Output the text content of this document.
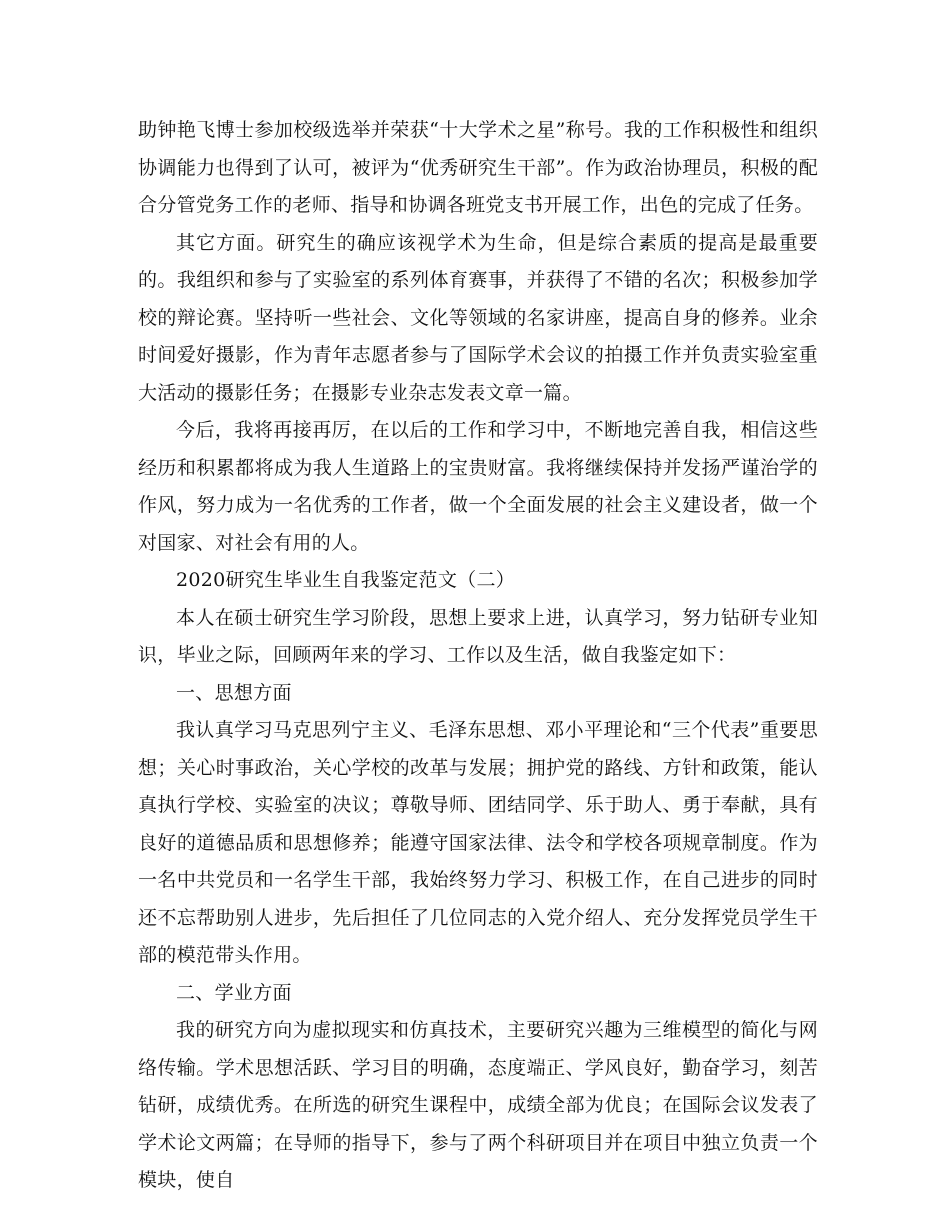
助钟艳飞博士参加校级选举并荣获“十大学术之星”称号。我的工作积极性和组织协调能力也得到了认可，被评为“优秀研究生干部”。作为政治协理员，积极的配合分管党务工作的老师、指导和协调各班党支书开展工作，出色的完成了任务。

其它方面。研究生的确应该视学术为生命，但是综合素质的提高是最重要的。我组织和参与了实验室的系列体育赛事，并获得了不错的名次；积极参加学校的辩论赛。坚持听一些社会、文化等领域的名家讲座，提高自身的修养。业余时间爱好摄影，作为青年志愿者参与了国际学术会议的拍摄工作并负责实验室重大活动的摄影任务；在摄影专业杂志发表文章一篇。

今后，我将再接再厉，在以后的工作和学习中，不断地完善自我，相信这些经历和积累都将成为我人生道路上的宝贵财富。我将继续保持并发扬严谨治学的作风，努力成为一名优秀的工作者，做一个全面发展的社会主义建设者，做一个对国家、对社会有用的人。

2020研究生毕业生自我鉴定范文（二）

本人在硕士研究生学习阶段，思想上要求上进，认真学习，努力钻研专业知识，毕业之际，回顾两年来的学习、工作以及生活，做自我鉴定如下：

一、思想方面

我认真学习马克思列宁主义、毛泽东思想、邓小平理论和“三个代表”重要思想；关心时事政治，关心学校的改革与发展；拥护党的路线、方针和政策，能认真执行学校、实验室的决议；尊敬导师、团结同学、乐于助人、勇于奉献，具有良好的道德品质和思想修养；能遵守国家法律、法令和学校各项规章制度。作为一名中共党员和一名学生干部，我始终努力学习、积极工作，在自己进步的同时还不忘帮助别人进步，先后担任了几位同志的入党介绍人、充分发挥党员学生干部的模范带头作用。

二、学业方面

我的研究方向为虚拟现实和仿真技术，主要研究兴趣为三维模型的简化与网络传输。学术思想活跃、学习目的明确，态度端正、学风良好，勤奋学习，刻苦钻研，成绩优秀。在所选的研究生课程中，成绩全部为优良；在国际会议发表了学术论文两篇；在导师的指导下，参与了两个科研项目并在项目中独立负责一个模块，使自
